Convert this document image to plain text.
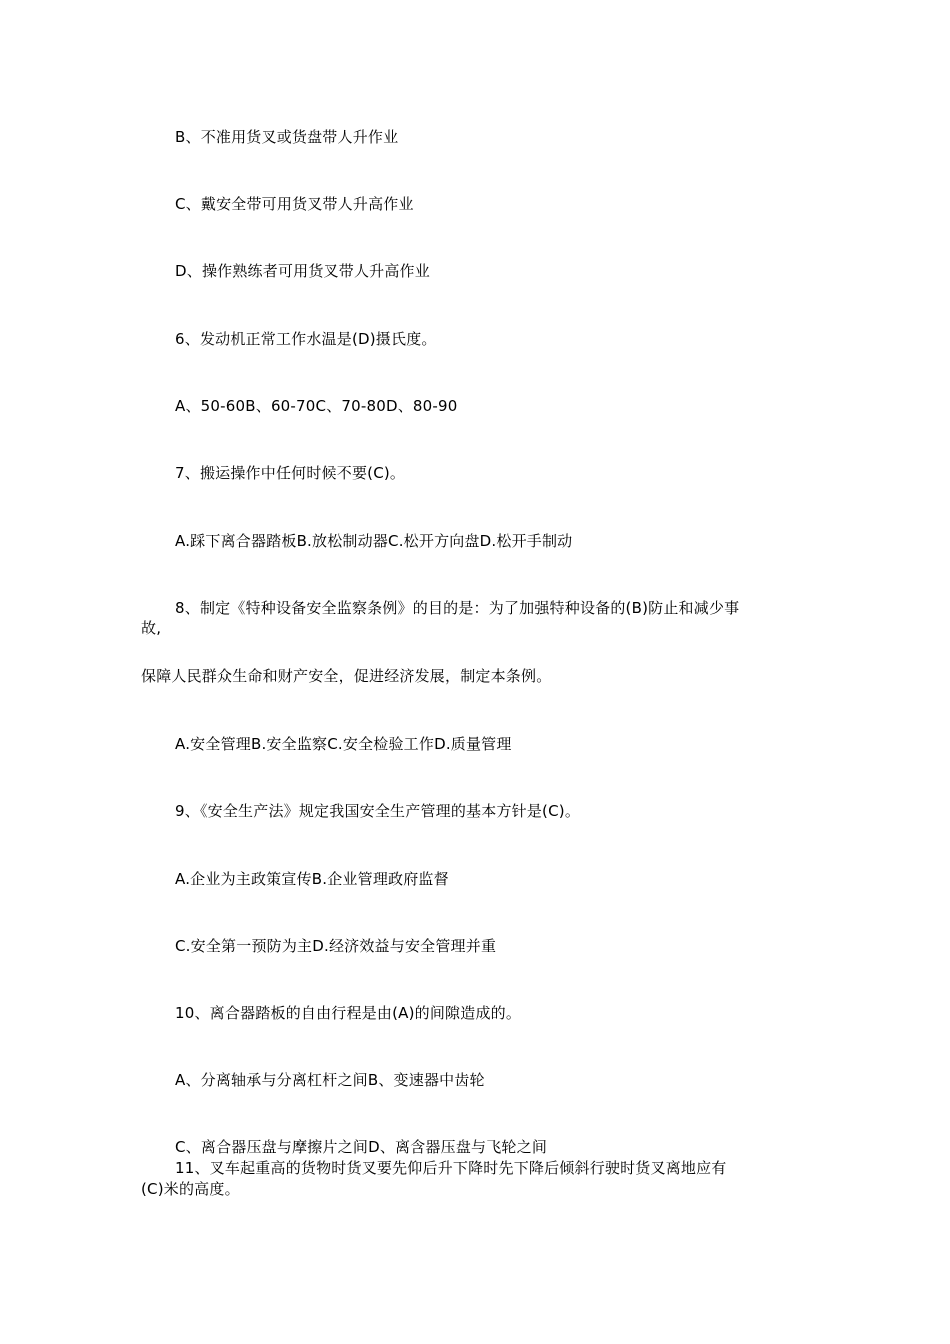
B、不准用货叉或货盘带人升作业
C、戴安全带可用货叉带人升高作业
D、操作熟练者可用货叉带人升高作业
6、发动机正常工作水温是(D)摄氏度。
A、50-60B、60-70C、70-80D、80-90
7、搬运操作中任何时候不要(C)。
A.踩下离合器踏板B.放松制动器C.松开方向盘D.松开手制动
8、制定《特种设备安全监察条例》的目的是：为了加强特种设备的(B)防止和减少事
故,
保障人民群众生命和财产安全，促进经济发展，制定本条例。
A.安全管理B.安全监察C.安全检验工作D.质量管理
9、《安全生产法》规定我国安全生产管理的基本方针是(C)。
A.企业为主政策宣传B.企业管理政府监督
C.安全第一预防为主D.经济效益与安全管理并重
10、离合器踏板的自由行程是由(A)的间隙造成的。
A、分离轴承与分离杠杆之间B、变速器中齿轮
C、离合器压盘与摩擦片之间D、离含器压盘与飞轮之间
11、叉车起重高的货物时货叉要先仰后升下降时先下降后倾斜行驶时货叉离地应有
(C)米的高度。
